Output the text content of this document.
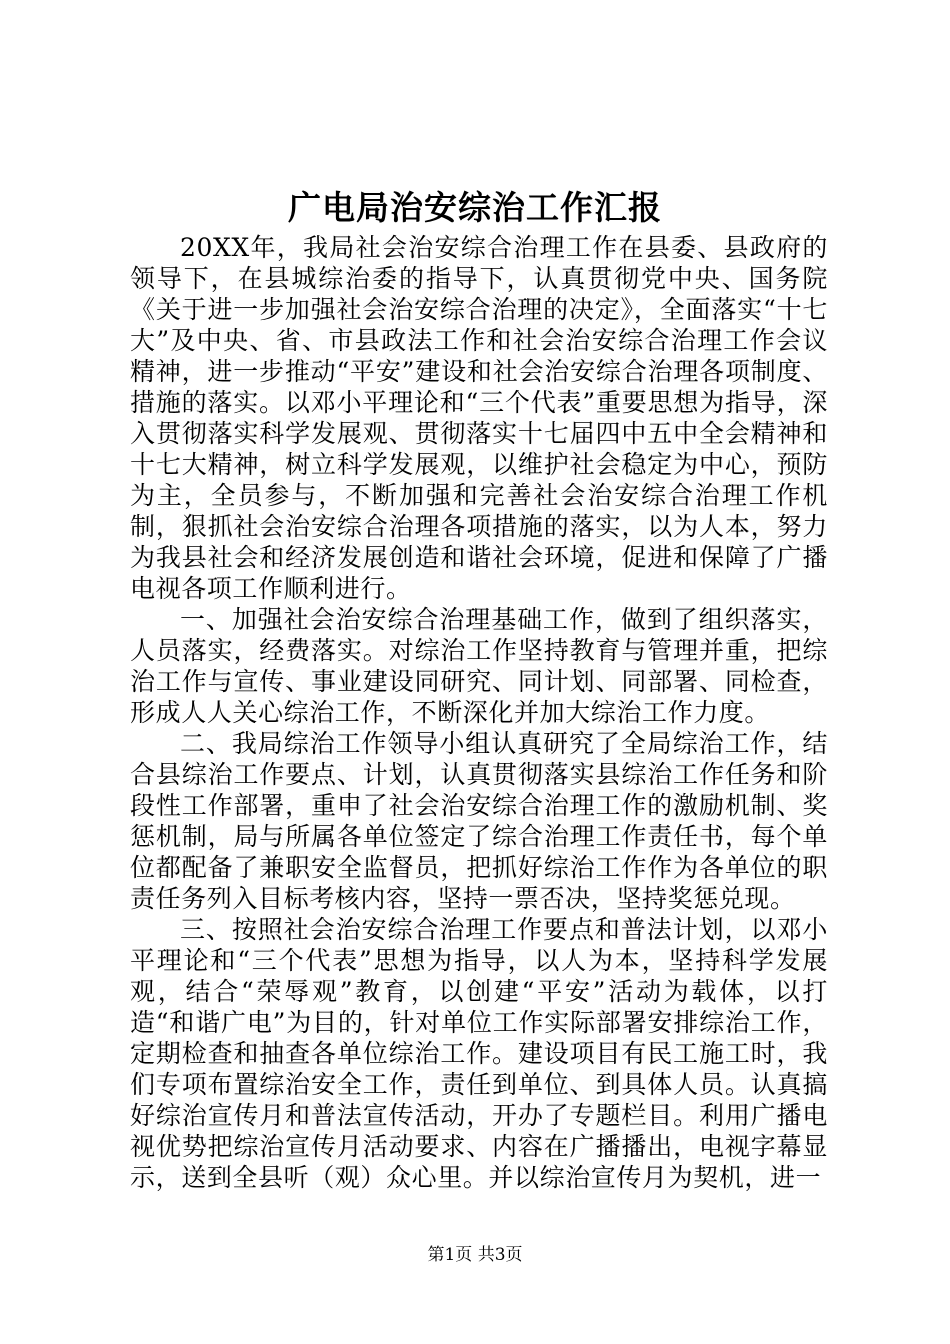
广电局治安综治工作汇报

20XX年，我局社会治安综合治理工作在县委、县政府的领导下，在县城综治委的指导下，认真贯彻党中央、国务院《关于进一步加强社会治安综合治理的决定》，全面落实“十七大”及中央、省、市县政法工作和社会治安综合治理工作会议精神，进一步推动“平安”建设和社会治安综合治理各项制度、措施的落实。以邓小平理论和“三个代表”重要思想为指导，深入贯彻落实科学发展观、贯彻落实十七届四中五中全会精神和十七大精神，树立科学发展观，以维护社会稳定为中心，预防为主，全员参与，不断加强和完善社会治安综合治理工作机制，狠抓社会治安综合治理各项措施的落实，以为人本，努力为我县社会和经济发展创造和谐社会环境，促进和保障了广播电视各项工作顺利进行。

一、加强社会治安综合治理基础工作，做到了组织落实，人员落实，经费落实。对综治工作坚持教育与管理并重，把综治工作与宣传、事业建设同研究、同计划、同部署、同检查，形成人人关心综治工作，不断深化并加大综治工作力度。

二、我局综治工作领导小组认真研究了全局综治工作，结合县综治工作要点、计划，认真贯彻落实县综治工作任务和阶段性工作部署，重申了社会治安综合治理工作的激励机制、奖惩机制，局与所属各单位签定了综合治理工作责任书，每个单位都配备了兼职安全监督员，把抓好综治工作作为各单位的职责任务列入目标考核内容，坚持一票否决，坚持奖惩兑现。

三、按照社会治安综合治理工作要点和普法计划，以邓小平理论和“三个代表”思想为指导，以人为本，坚持科学发展观，结合“荣辱观”教育，以创建“平安”活动为载体，以打造“和谐广电”为目的，针对单位工作实际部署安排综治工作，定期检查和抽查各单位综治工作。建设项目有民工施工时，我们专项布置综治安全工作，责任到单位、到具体人员。认真搞好综治宣传月和普法宣传活动，开办了专题栏目。利用广播电视优势把综治宣传月活动要求、内容在广播播出，电视字幕显示，送到全县听（观）众心里。并以综治宣传月为契机，进一

第1页 共3页
